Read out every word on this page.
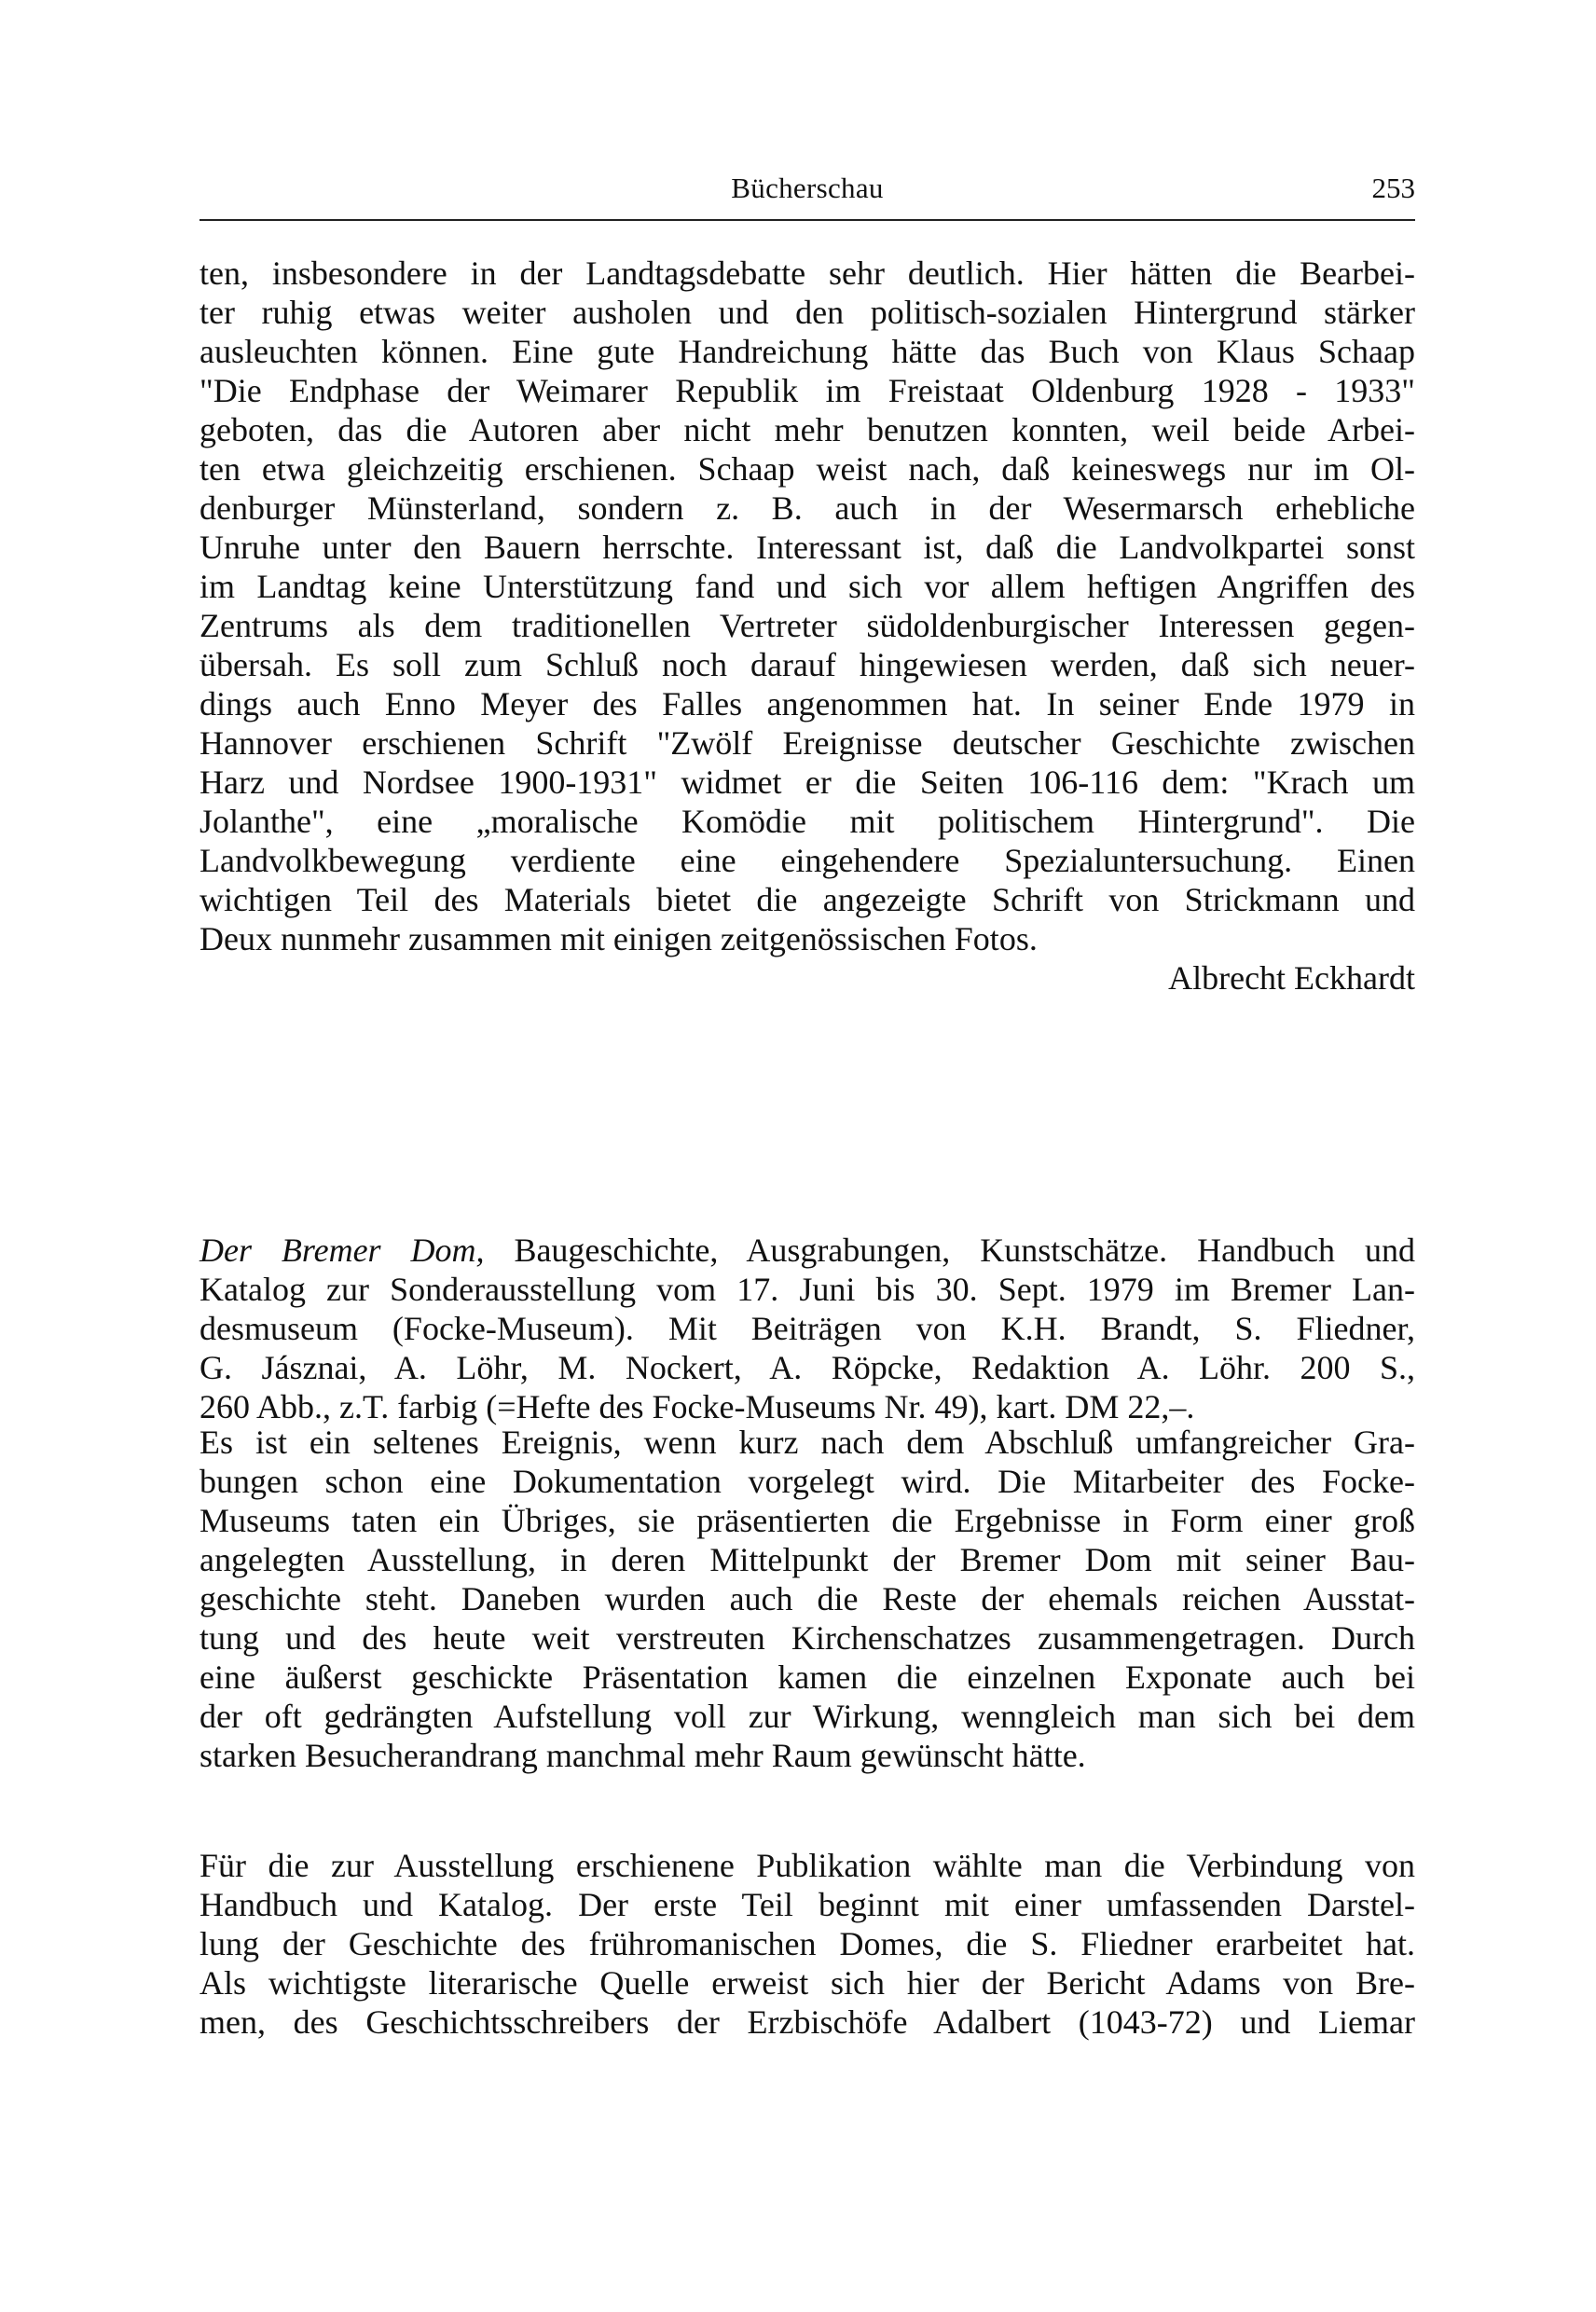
Bücherschau	253
ten, insbesondere in der Landtagsdebatte sehr deutlich. Hier hätten die Bearbei-
ter ruhig etwas weiter ausholen und den politisch-sozialen Hintergrund stärker
ausleuchten können. Eine gute Handreichung hätte das Buch von Klaus Schaap
"Die Endphase der Weimarer Republik im Freistaat Oldenburg 1928 - 1933"
geboten, das die Autoren aber nicht mehr benutzen konnten, weil beide Arbei-
ten etwa gleichzeitig erschienen. Schaap weist nach, daß keineswegs nur im Ol-
denburger Münsterland, sondern z. B. auch in der Wesermarsch erhebliche
Unruhe unter den Bauern herrschte. Interessant ist, daß die Landvolkpartei sonst
im Landtag keine Unterstützung fand und sich vor allem heftigen Angriffen des
Zentrums als dem traditionellen Vertreter südoldenburgischer Interessen gegen-
übersah. Es soll zum Schluß noch darauf hingewiesen werden, daß sich neuer-
dings auch Enno Meyer des Falles angenommen hat. In seiner Ende 1979 in
Hannover erschienen Schrift "Zwölf Ereignisse deutscher Geschichte zwischen
Harz und Nordsee 1900-1931" widmet er die Seiten 106-116 dem: "Krach um
Jolanthe", eine „moralische Komödie mit politischem Hintergrund". Die
Landvolkbewegung verdiente eine eingehendere Spezialuntersuchung. Einen
wichtigen Teil des Materials bietet die angezeigte Schrift von Strickmann und
Deux nunmehr zusammen mit einigen zeitgenössischen Fotos.
Albrecht Eckhardt
Der Bremer Dom, Baugeschichte, Ausgrabungen, Kunstschätze. Handbuch und
Katalog zur Sonderausstellung vom 17. Juni bis 30. Sept. 1979 im Bremer Lan-
desmuseum (Focke-Museum). Mit Beiträgen von K.H. Brandt, S. Fliedner,
G. Jásznai, A. Löhr, M. Nockert, A. Röpcke, Redaktion A. Löhr. 200 S.,
260 Abb., z.T. farbig (=Hefte des Focke-Museums Nr. 49), kart. DM 22,–.
Es ist ein seltenes Ereignis, wenn kurz nach dem Abschluß umfangreicher Gra-
bungen schon eine Dokumentation vorgelegt wird. Die Mitarbeiter des Focke-
Museums taten ein Übriges, sie präsentierten die Ergebnisse in Form einer groß
angelegten Ausstellung, in deren Mittelpunkt der Bremer Dom mit seiner Bau-
geschichte steht. Daneben wurden auch die Reste der ehemals reichen Ausstat-
tung und des heute weit verstreuten Kirchenschatzes zusammengetragen. Durch
eine äußerst geschickte Präsentation kamen die einzelnen Exponate auch bei
der oft gedrängten Aufstellung voll zur Wirkung, wenngleich man sich bei dem
starken Besucherandrang manchmal mehr Raum gewünscht hätte.
Für die zur Ausstellung erschienene Publikation wählte man die Verbindung von
Handbuch und Katalog. Der erste Teil beginnt mit einer umfassenden Darstel-
lung der Geschichte des frühromanischen Domes, die S. Fliedner erarbeitet hat.
Als wichtigste literarische Quelle erweist sich hier der Bericht Adams von Bre-
men, des Geschichtsschreibers der Erzbischöfe Adalbert (1043-72) und Liemar
